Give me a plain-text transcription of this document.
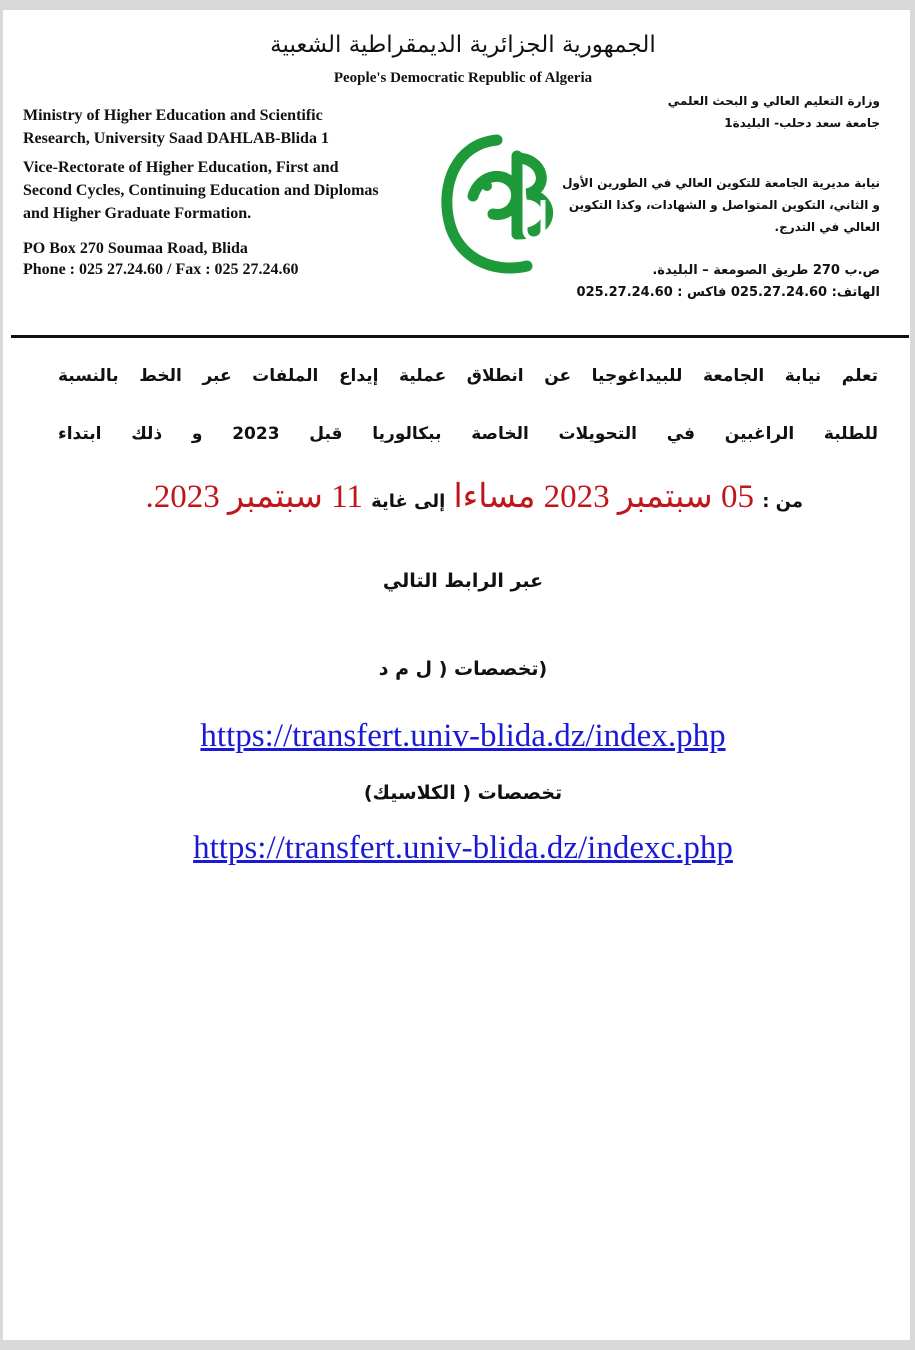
الجمهورية الجزائرية الديمقراطية الشعبية
People's Democratic Republic of Algeria
Ministry of Higher Education and Scientific
Research, University Saad DAHLAB-Blida 1
Vice-Rectorate of Higher Education, First and
Second Cycles, Continuing Education and Diplomas
and Higher Graduate Formation.
PO Box 270 Soumaa Road, Blida
Phone : 025 27.24.60 / Fax : 025 27.24.60
وزارة التعليم العالي و البحث العلمي
جامعة سعد دحلب- البليدة1
نيابة مديرية الجامعة للتكوين العالي في الطورين الأول
و الثاني، التكوين المتواصل و الشهادات، وكذا التكوين
العالي في التدرج.
ص.ب 270 طريق الصومعة – البليدة.
الهاتف: 025.27.24.60 فاكس : 025.27.24.60
تعلم نيابة الجامعة للبيداغوجيا عن انطلاق عملية إيداع الملفات عبر الخط بالنسبة
للطلبة الراغبين في التحويلات الخاصة ببكالوريا قبل 2023 و ذلك ابتداء
من : 05 سبتمبر 2023 مساءا إلى غاية 11 سبتمبر 2023.
عبر الرابط التالي
(تخصصات ( ل م د
https://transfert.univ-blida.dz/index.php
تخصصات ( الكلاسيك)
https://transfert.univ-blida.dz/indexc.php
